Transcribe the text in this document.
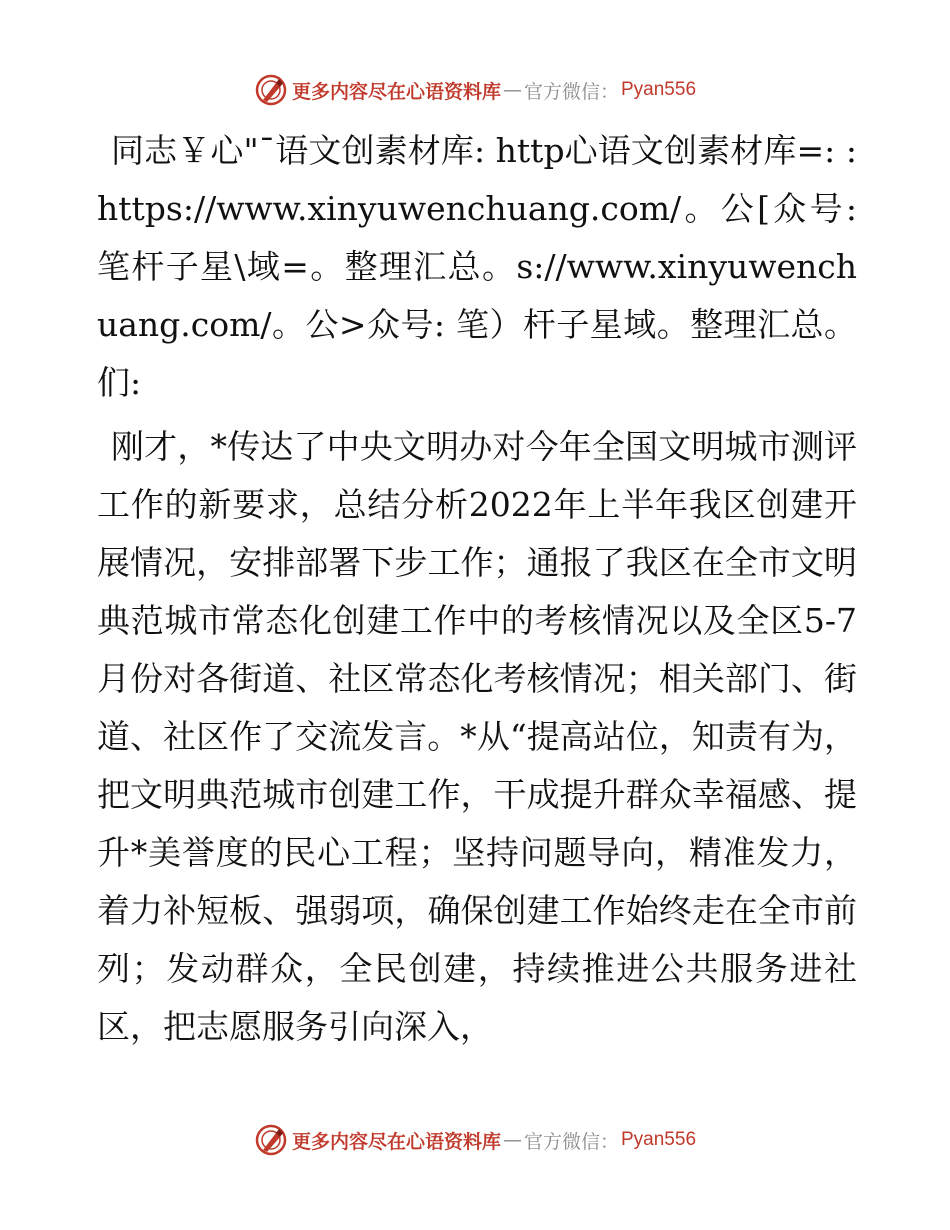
更多内容尽在心语资料库 — 官方微信： Pyan556

同志￥心"¯语文创素材库: http心语文创素材库=: :https://www.xinyuwenchuang.com/。公[众号: 笔杆子星\域=。整理汇总。s://www.xinyuwenchuang.com/。公>众号: 笔）杆子星域。整理汇总。们:

刚才，*传达了中央文明办对今年全国文明城市测评工作的新要求，总结分析2022年上半年我区创建开展情况，安排部署下步工作；通报了我区在全市文明典范城市常态化创建工作中的考核情况以及全区5-7月份对各街道、社区常态化考核情况；相关部门、街道、社区作了交流发言。*从“提高站位，知责有为，把文明典范城市创建工作，干成提升群众幸福感、提升*美誉度的民心工程；坚持问题导向，精准发力，着力补短板、强弱项，确保创建工作始终走在全市前列；发动群众，全民创建，持续推进公共服务进社区，把志愿服务引向深入，

更多内容尽在心语资料库 — 官方微信： Pyan556
